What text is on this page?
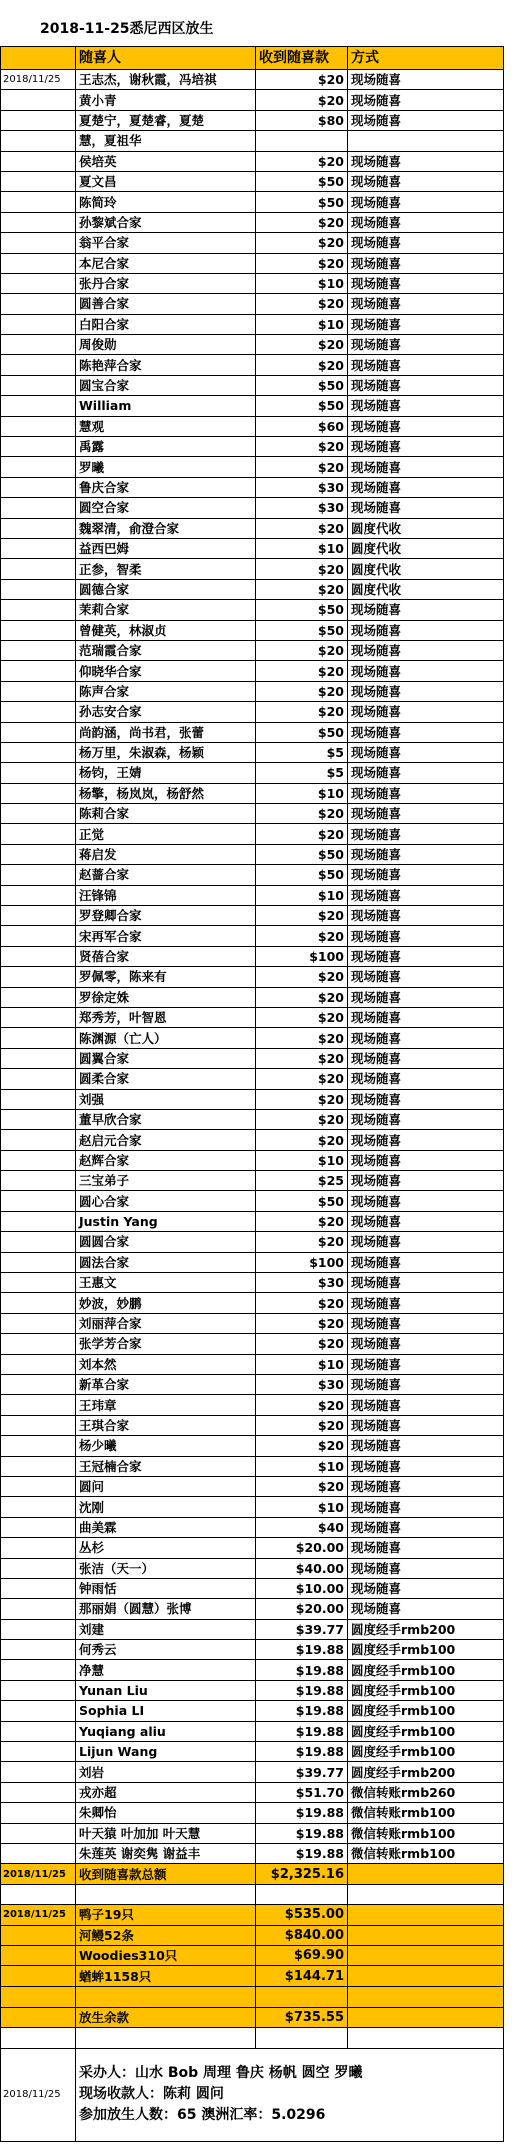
2018-11-25悉尼西区放生
	随喜人	收到随喜款	方式
2018/11/25	王志杰，谢秋霞，冯培祺	$20	现场随喜
	黄小青	$20	现场随喜
	夏楚宁，夏楚睿，夏楚	$80	现场随喜
	慧，夏祖华		
	侯培英	$20	现场随喜
	夏文昌	$50	现场随喜
	陈简玲	$50	现场随喜
	孙黎斌合家	$20	现场随喜
	翁平合家	$20	现场随喜
	本尼合家	$20	现场随喜
	张丹合家	$10	现场随喜
	圆善合家	$20	现场随喜
	白阳合家	$10	现场随喜
	周俊勋	$20	现场随喜
	陈艳萍合家	$20	现场随喜
	圆宝合家	$50	现场随喜
	William	$50	现场随喜
	慧观	$60	现场随喜
	禹露	$20	现场随喜
	罗曦	$20	现场随喜
	鲁庆合家	$30	现场随喜
	圆空合家	$30	现场随喜
	魏翠清，俞澄合家	$20	圆度代收
	益西巴姆	$10	圆度代收
	正参，智柔	$20	圆度代收
	圆德合家	$20	圆度代收
	茉莉合家	$50	现场随喜
	曾健英，林淑贞	$50	现场随喜
	范瑞霞合家	$20	现场随喜
	仰晓华合家	$20	现场随喜
	陈声合家	$20	现场随喜
	孙志安合家	$20	现场随喜
	尚韵涵，尚书君，张蕾	$50	现场随喜
	杨万里，朱淑森，杨颖	$5	现场随喜
	杨钧，王婧	$5	现场随喜
	杨擎，杨岚岚，杨舒然	$10	现场随喜
	陈莉合家	$20	现场随喜
	正觉	$20	现场随喜
	蒋启发	$50	现场随喜
	赵蔷合家	$50	现场随喜
	汪锋锦	$10	现场随喜
	罗登卿合家	$20	现场随喜
	宋再军合家	$20	现场随喜
	贤蓓合家	$100	现场随喜
	罗佩零，陈来有	$20	现场随喜
	罗徐定姝	$20	现场随喜
	郑秀芳，叶智恩	$20	现场随喜
	陈渊源（亡人）	$20	现场随喜
	圆翼合家	$20	现场随喜
	圆柔合家	$20	现场随喜
	刘强	$20	现场随喜
	董早欣合家	$20	现场随喜
	赵启元合家	$20	现场随喜
	赵辉合家	$10	现场随喜
	三宝弟子	$25	现场随喜
	圆心合家	$50	现场随喜
	Justin Yang	$20	现场随喜
	圆圆合家	$20	现场随喜
	圆法合家	$100	现场随喜
	王惠文	$30	现场随喜
	妙波，妙鹏	$20	现场随喜
	刘丽萍合家	$20	现场随喜
	张学芳合家	$20	现场随喜
	刘本然	$10	现场随喜
	新革合家	$30	现场随喜
	王玮章	$20	现场随喜
	王琪合家	$20	现场随喜
	杨少曦	$20	现场随喜
	王冠楠合家	$10	现场随喜
	圆问	$20	现场随喜
	沈刚	$10	现场随喜
	曲美霖	$40	现场随喜
	丛杉	$20.00	现场随喜
	张洁（天一）	$40.00	现场随喜
	钟雨恬	$10.00	现场随喜
	那丽娟（圆慧）张博	$20.00	现场随喜
	刘建	$39.77	圆度经手rmb200
	何秀云	$19.88	圆度经手rmb100
	净慧	$19.88	圆度经手rmb100
	Yunan Liu	$19.88	圆度经手rmb100
	Sophia LI	$19.88	圆度经手rmb100
	Yuqiang aliu	$19.88	圆度经手rmb100
	Lijun Wang	$19.88	圆度经手rmb100
	刘岩	$39.77	圆度经手rmb200
	戎亦超	$51.70	微信转账rmb260
	朱卿怡	$19.88	微信转账rmb100
	叶天猿 叶加加 叶天慧	$19.88	微信转账rmb100
	朱莲英 谢奕隽 谢益丰	$19.88	微信转账rmb100
2018/11/25	收到随喜款总额	$2,325.16	

2018/11/25	鸭子19只	$535.00	
	河鳗52条	$840.00	
	Woodies310只	$69.90	
	蝤蛑1158只	$144.71	

	放生余款	$735.55	

2018/11/25	采办人：山水 Bob 周理 鲁庆 杨帆 圆空 罗曦
现场收款人：陈莉 圆问
参加放生人数：65 澳洲汇率：5.0296		
